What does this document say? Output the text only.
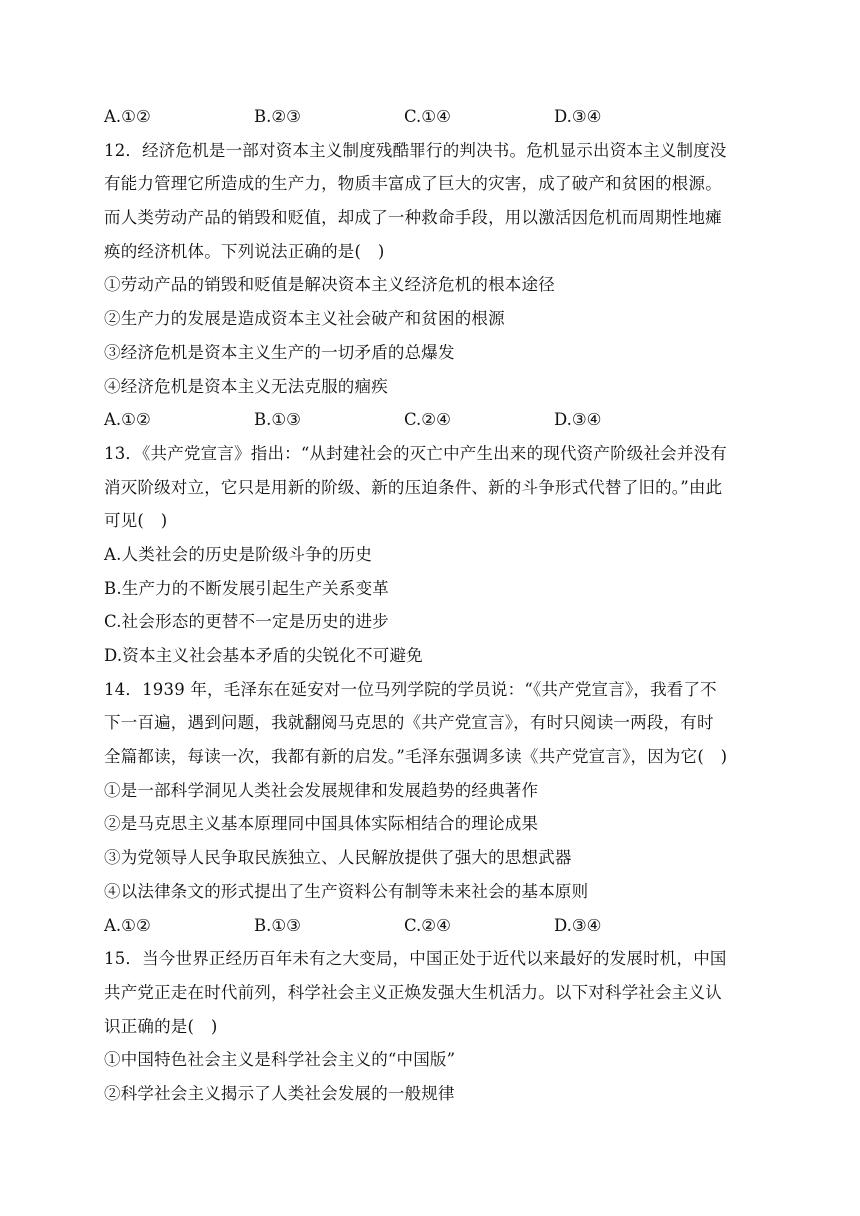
A.①②	B.②③	C.①④	D.③④
12．经济危机是一部对资本主义制度残酷罪行的判决书。危机显示出资本主义制度没
有能力管理它所造成的生产力，物质丰富成了巨大的灾害，成了破产和贫困的根源。
而人类劳动产品的销毁和贬值，却成了一种救命手段，用以激活因危机而周期性地瘫
痪的经济机体。下列说法正确的是(　)
①劳动产品的销毁和贬值是解决资本主义经济危机的根本途径
②生产力的发展是造成资本主义社会破产和贫困的根源
③经济危机是资本主义生产的一切矛盾的总爆发
④经济危机是资本主义无法克服的痼疾
A.①②	B.①③	C.②④	D.③④
13．《共产党宣言》指出：“从封建社会的灭亡中产生出来的现代资产阶级社会并没有
消灭阶级对立，它只是用新的阶级、新的压迫条件、新的斗争形式代替了旧的。”由此
可见(　)
A.人类社会的历史是阶级斗争的历史
B.生产力的不断发展引起生产关系变革
C.社会形态的更替不一定是历史的进步
D.资本主义社会基本矛盾的尖锐化不可避免
14．1939 年，毛泽东在延安对一位马列学院的学员说：“《共产党宣言》，我看了不
下一百遍，遇到问题，我就翻阅马克思的《共产党宣言》，有时只阅读一两段，有时
全篇都读，每读一次，我都有新的启发。”毛泽东强调多读《共产党宣言》，因为它(　)
①是一部科学洞见人类社会发展规律和发展趋势的经典著作
②是马克思主义基本原理同中国具体实际相结合的理论成果
③为党领导人民争取民族独立、人民解放提供了强大的思想武器
④以法律条文的形式提出了生产资料公有制等未来社会的基本原则
A.①②	B.①③	C.②④	D.③④
15．当今世界正经历百年未有之大变局，中国正处于近代以来最好的发展时机，中国
共产党正走在时代前列，科学社会主义正焕发强大生机活力。以下对科学社会主义认
识正确的是(　)
①中国特色社会主义是科学社会主义的“中国版”
②科学社会主义揭示了人类社会发展的一般规律
